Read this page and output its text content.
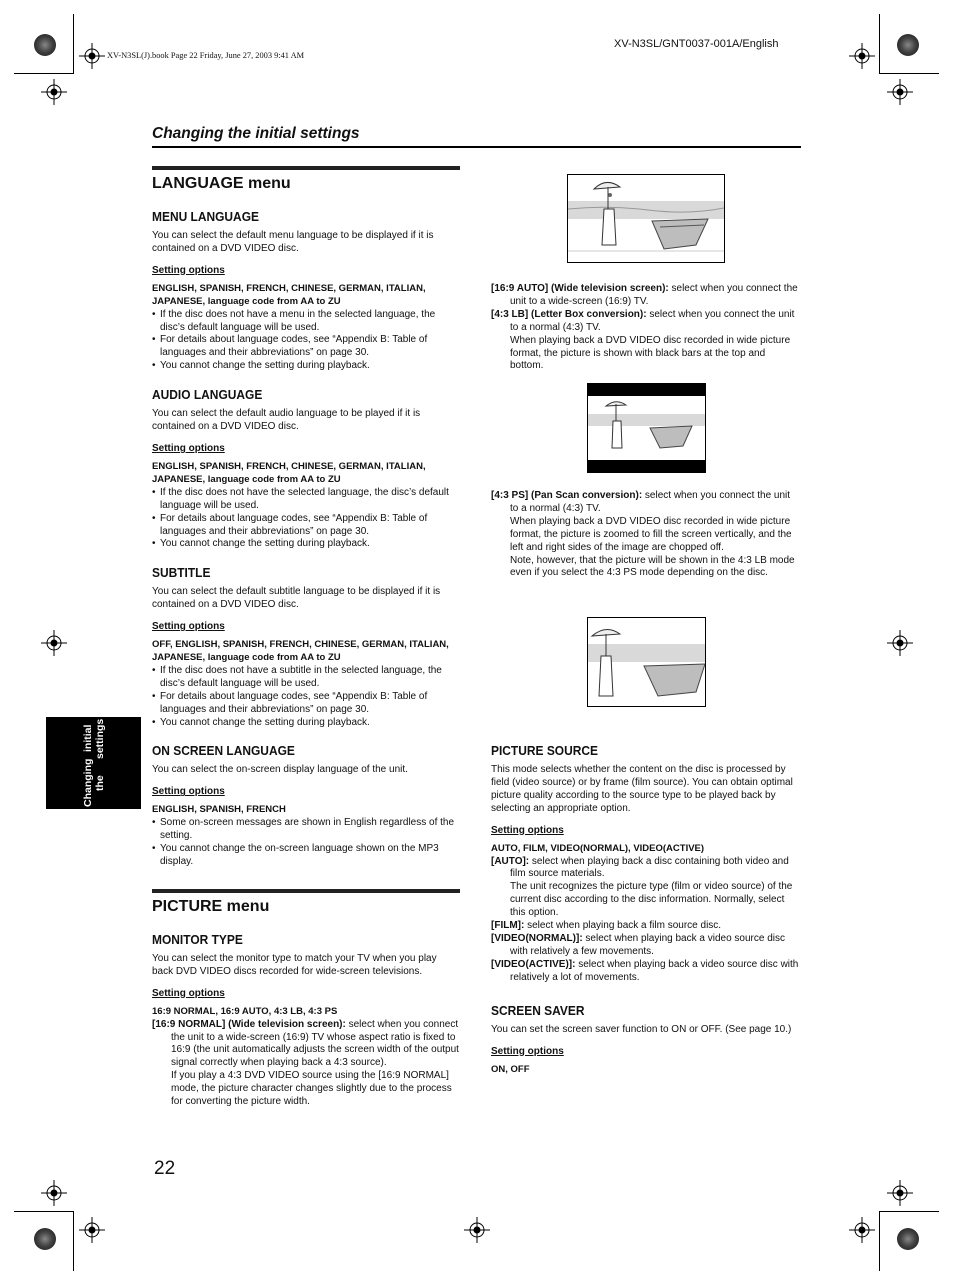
XV-N3SL(J).book Page 22 Friday, June 27, 2003 9:41 AM
XV-N3SL/GNT0037-001A/English
Changing the initial settings
Changing the
initial settings
LANGUAGE menu
MENU LANGUAGE

You can select the default menu language to be displayed if it is contained on a DVD VIDEO disc.

Setting options

ENGLISH, SPANISH, FRENCH, CHINESE, GERMAN, ITALIAN, JAPANESE, language code from AA to ZU

• If the disc does not have a menu in the selected language, the disc’s default language will be used.
• For details about language codes, see “Appendix B: Table of languages and their abbreviations” on page 30.
• You cannot change the setting during playback.
AUDIO LANGUAGE

You can select the default audio language to be played if it is contained on a DVD VIDEO disc.

Setting options

ENGLISH, SPANISH, FRENCH, CHINESE, GERMAN, ITALIAN, JAPANESE, language code from AA to ZU

• If the disc does not have the selected language, the disc’s default language will be used.
• For details about language codes, see “Appendix B: Table of languages and their abbreviations” on page 30.
• You cannot change the setting during playback.
SUBTITLE

You can select the default subtitle language to be displayed if it is contained on a DVD VIDEO disc.

Setting options

OFF, ENGLISH, SPANISH, FRENCH, CHINESE, GERMAN, ITALIAN, JAPANESE, language code from AA to ZU

• If the disc does not have a subtitle in the selected language, the disc’s default language will be used.
• For details about language codes, see “Appendix B: Table of languages and their abbreviations” on page 30.
• You cannot change the setting during playback.
ON SCREEN LANGUAGE

You can select the on-screen display language of the unit.

Setting options

ENGLISH, SPANISH, FRENCH

• Some on-screen messages are shown in English regardless of the setting.
• You cannot change the on-screen language shown on the MP3 display.
PICTURE menu
MONITOR TYPE

You can select the monitor type to match your TV when you play back DVD VIDEO discs recorded for wide-screen televisions.

Setting options

16:9 NORMAL, 16:9 AUTO, 4:3 LB, 4:3 PS

[16:9 NORMAL] (Wide television screen): select when you connect the unit to a wide-screen (16:9) TV whose aspect ratio is fixed to 16:9 (the unit automatically adjusts the screen width of the output signal correctly when playing back a 4:3 source).
If you play a 4:3 DVD VIDEO source using the [16:9 NORMAL] mode, the picture character changes slightly due to the process for converting the picture width.
[16:9 AUTO] (Wide television screen): select when you connect the unit to a wide-screen (16:9) TV.
[4:3 LB] (Letter Box conversion): select when you connect the unit to a normal (4:3) TV.
When playing back a DVD VIDEO disc recorded in wide picture format, the picture is shown with black bars at the top and bottom.
[4:3 PS] (Pan Scan conversion): select when you connect the unit to a normal (4:3) TV.
When playing back a DVD VIDEO disc recorded in wide picture format, the picture is zoomed to fill the screen vertically, and the left and right sides of the image are chopped off.
Note, however, that the picture will be shown in the 4:3 LB mode even if you select the 4:3 PS mode depending on the disc.
PICTURE SOURCE

This mode selects whether the content on the disc is processed by field (video source) or by frame (film source). You can obtain optimal picture quality according to the source type to be played back by selecting an appropriate option.

Setting options

AUTO, FILM, VIDEO(NORMAL), VIDEO(ACTIVE)

[AUTO]: select when playing back a disc containing both video and film source materials.
The unit recognizes the picture type (film or video source) of the current disc according to the disc information. Normally, select this option.
[FILM]: select when playing back a film source disc.
[VIDEO(NORMAL)]: select when playing back a video source disc with relatively a few movements.
[VIDEO(ACTIVE)]: select when playing back a video source disc with relatively a lot of movements.
SCREEN SAVER

You can set the screen saver function to ON or OFF. (See page 10.)

Setting options

ON, OFF

22
